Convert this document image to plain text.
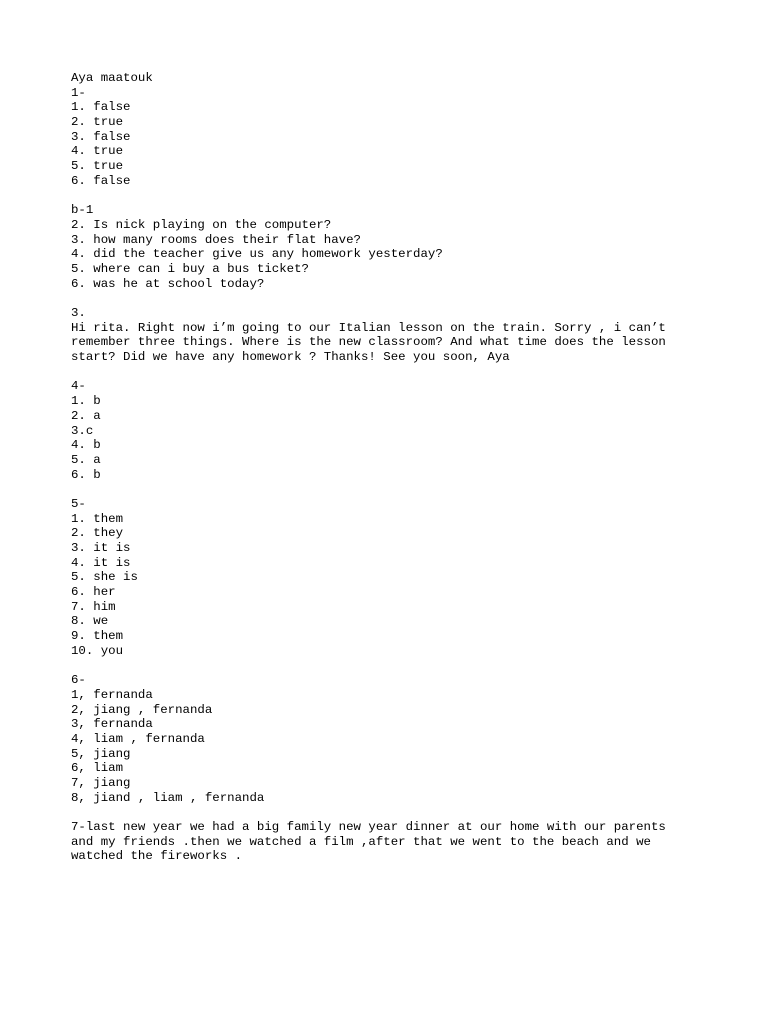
Aya maatouk
1-
1. false
2. true
3. false
4. true
5. true
6. false
b-1
2. Is nick playing on the computer?
3. how many rooms does their flat have?
4. did the teacher give us any homework yesterday?
5. where can i buy a bus ticket?
6. was he at school today?
3.
Hi rita. Right now i’m going to our Italian lesson on the train. Sorry , i can’t
remember three things. Where is the new classroom? And what time does the lesson
start? Did we have any homework ? Thanks! See you soon, Aya
4-
1. b
2. a
3.c
4. b
5. a
6. b
5-
1. them
2. they
3. it is
4. it is
5. she is
6. her
7. him
8. we
9. them
10. you
6-
1, fernanda
2, jiang , fernanda
3, fernanda
4, liam , fernanda
5, jiang
6, liam
7, jiang
8, jiand , liam , fernanda
7-last new year we had a big family new year dinner at our home with our parents
and my friends .then we watched a film ,after that we went to the beach and we
watched the fireworks .
